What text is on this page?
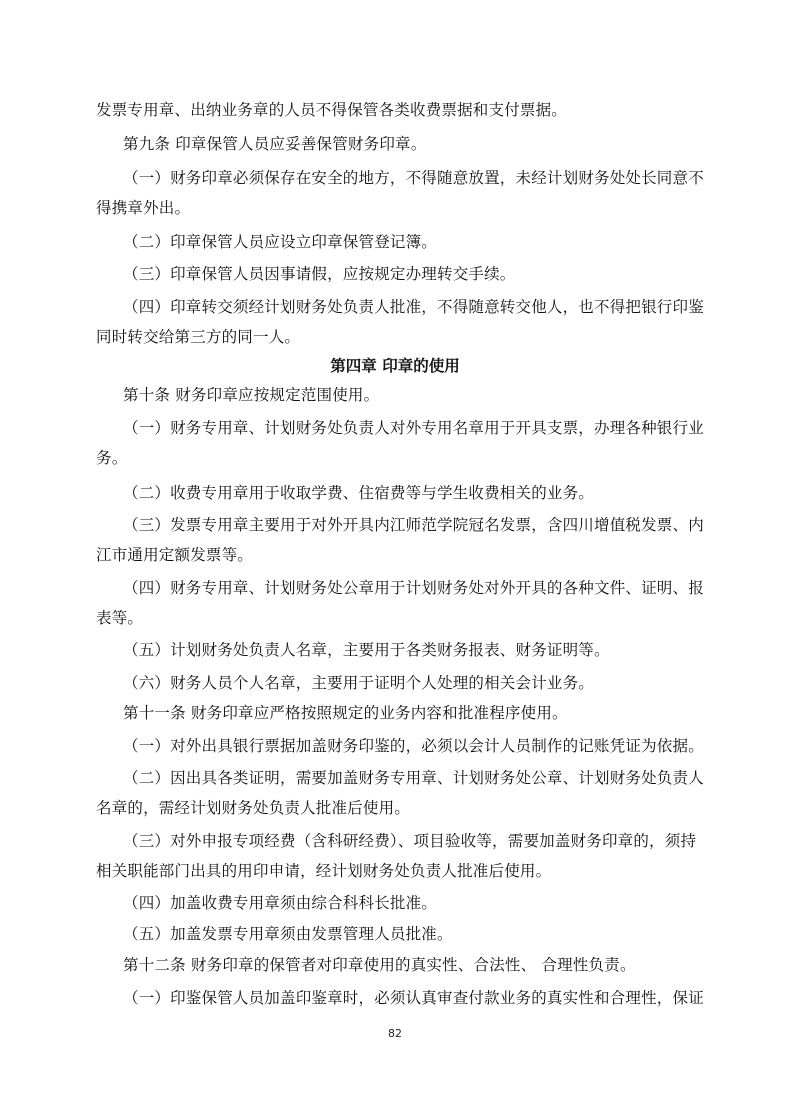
发票专用章、出纳业务章的人员不得保管各类收费票据和支付票据。
第九条 印章保管人员应妥善保管财务印章。
（一）财务印章必须保存在安全的地方，不得随意放置，未经计划财务处处长同意不
得携章外出。
（二）印章保管人员应设立印章保管登记簿。
（三）印章保管人员因事请假，应按规定办理转交手续。
（四）印章转交须经计划财务处负责人批准，不得随意转交他人，也不得把银行印鉴
同时转交给第三方的同一人。
第四章 印章的使用
第十条 财务印章应按规定范围使用。
（一）财务专用章、计划财务处负责人对外专用名章用于开具支票，办理各种银行业
务。
（二）收费专用章用于收取学费、住宿费等与学生收费相关的业务。
（三）发票专用章主要用于对外开具内江师范学院冠名发票，含四川增值税发票、内
江市通用定额发票等。
（四）财务专用章、计划财务处公章用于计划财务处对外开具的各种文件、证明、报
表等。
（五）计划财务处负责人名章，主要用于各类财务报表、财务证明等。
（六）财务人员个人名章，主要用于证明个人处理的相关会计业务。
第十一条 财务印章应严格按照规定的业务内容和批准程序使用。
（一）对外出具银行票据加盖财务印鉴的，必须以会计人员制作的记账凭证为依据。
（二）因出具各类证明，需要加盖财务专用章、计划财务处公章、计划财务处负责人
名章的，需经计划财务处负责人批准后使用。
（三）对外申报专项经费（含科研经费）、项目验收等，需要加盖财务印章的，须持
相关职能部门出具的用印申请，经计划财务处负责人批准后使用。
（四）加盖收费专用章须由综合科科长批准。
（五）加盖发票专用章须由发票管理人员批准。
第十二条 财务印章的保管者对印章使用的真实性、合法性、 合理性负责。
（一）印鉴保管人员加盖印鉴章时，必须认真审查付款业务的真实性和合理性，保证
82
